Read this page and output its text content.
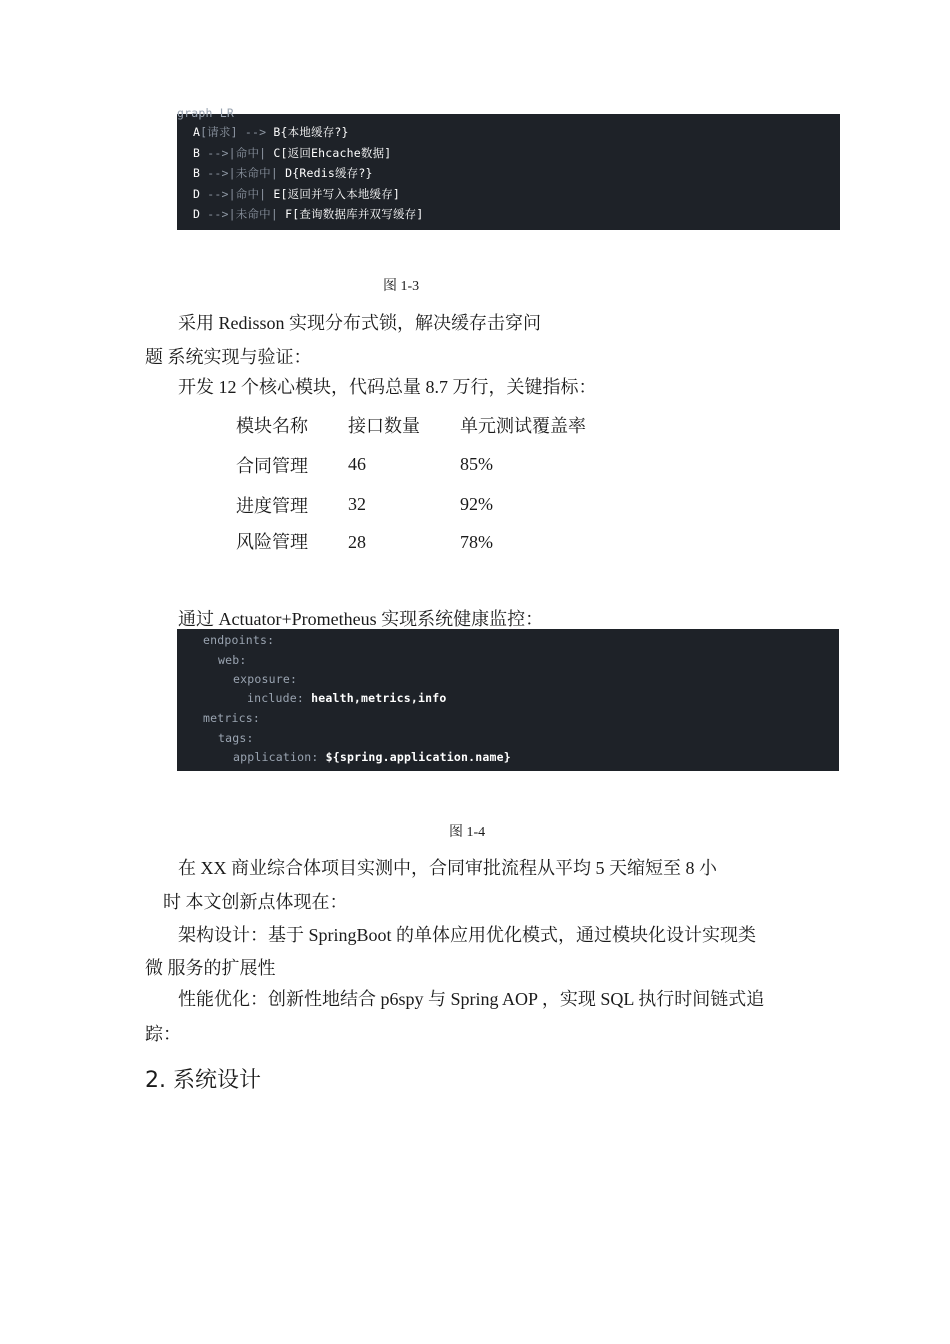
graph LR
A[请求] --> B{本地缓存?}
B -->|命中| C[返回Ehcache数据]
B -->|未命中| D{Redis缓存?}
D -->|命中| E[返回并写入本地缓存]
D -->|未命中| F[查询数据库并双写缓存]
图 1-3
采用 Redisson 实现分布式锁，解决缓存击穿问
题 系统实现与验证：
开发 12 个核心模块，代码总量 8.7 万行，关键指标：
模块名称 接口数量 单元测试覆盖率
合同管理 46	85%
进度管理 32	92%
风险管理 28	78%
通过 Actuator+Prometheus 实现系统健康监控：
endpoints:
web:
exposure:
include: health,metrics,info
metrics:
tags:
application: ${spring.application.name}
图 1-4
在 XX 商业综合体项目实测中，合同审批流程从平均 5 天缩短至 8 小
时 本文创新点体现在：
架构设计：基于 SpringBoot 的单体应用优化模式，通过模块化设计实现类
微 服务的扩展性
性能优化：创新性地结合 p6spy 与 Spring AOP ，实现 SQL 执行时间链式追
踪：
2. 系统设计
